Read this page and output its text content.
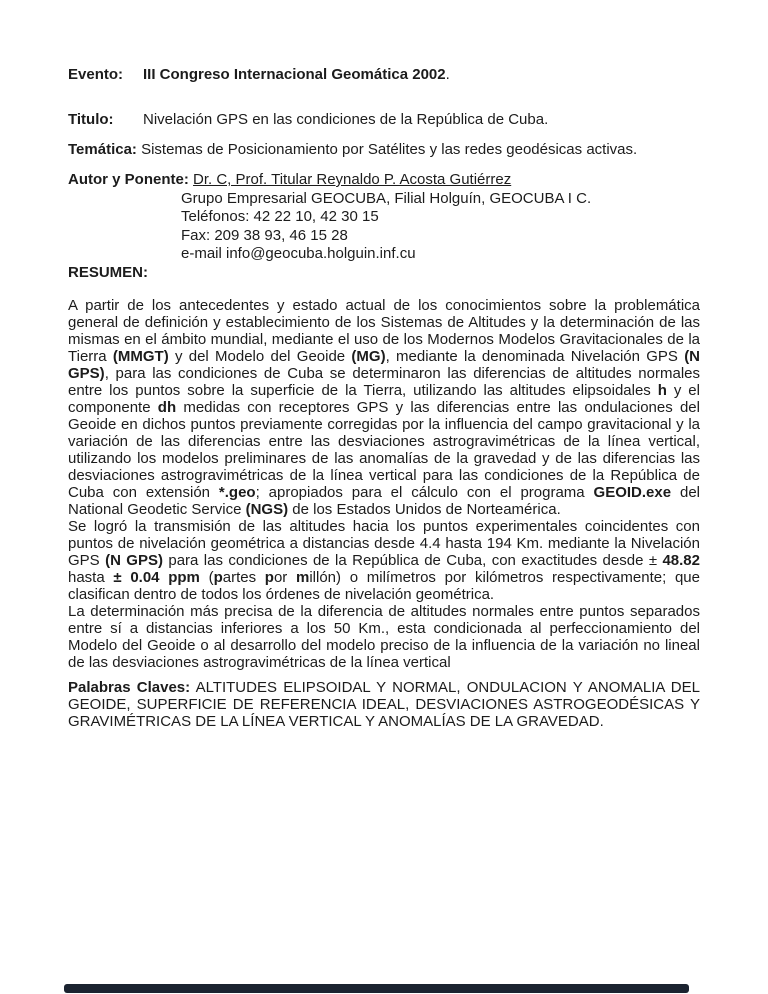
Evento: III Congreso Internacional Geomática 2002.
Titulo: Nivelación GPS en las condiciones de la República de Cuba.
Temática: Sistemas de Posicionamiento por Satélites y las redes geodésicas activas.
Autor y Ponente: Dr. C, Prof. Titular Reynaldo P. Acosta Gutiérrez
Grupo Empresarial GEOCUBA, Filial Holguín, GEOCUBA I C.
Teléfonos: 42 22 10, 42 30 15
Fax: 209 38 93, 46 15 28
e-mail info@geocuba.holguin.inf.cu

RESUMEN:

A partir de los antecedentes y estado actual de los conocimientos sobre la problemática general de definición y establecimiento de los Sistemas de Altitudes y la determinación de las mismas en el ámbito mundial, mediante el uso de los Modernos Modelos Gravitacionales de la Tierra (MMGT) y del Modelo del Geoide (MG), mediante la denominada Nivelación GPS (N GPS), para las condiciones de Cuba se determinaron las diferencias de altitudes normales entre los puntos sobre la superficie de la Tierra, utilizando las altitudes elipsoidales h y el componente dh medidas con receptores GPS y las diferencias entre las ondulaciones del Geoide en dichos puntos previamente corregidas por la influencia del campo gravitacional y la variación de las diferencias entre las desviaciones astrogravimétricas de la línea vertical, utilizando los modelos preliminares de las anomalías de la gravedad y de las diferencias las desviaciones astrogravimétricas de la línea vertical para las condiciones de la República de Cuba con extensión *.geo; apropiados para el cálculo con el programa GEOID.exe del National Geodetic Service (NGS) de los Estados Unidos de Norteamérica.

Se logró la transmisión de las altitudes hacia los puntos experimentales coincidentes con puntos de nivelación geométrica a distancias desde 4.4 hasta 194 Km. mediante la Nivelación GPS (N GPS) para las condiciones de la República de Cuba, con exactitudes desde ± 48.82 hasta ± 0.04 ppm (partes por millón) o milímetros por kilómetros respectivamente; que clasifican dentro de todos los órdenes de nivelación geométrica.

La determinación más precisa de la diferencia de altitudes normales entre puntos separados entre sí a distancias inferiores a los 50 Km., esta condicionada al perfeccionamiento del Modelo del Geoide o al desarrollo del modelo preciso de la influencia de la variación no lineal de las desviaciones astrogravimétricas de la línea vertical

Palabras Claves: ALTITUDES ELIPSOIDAL Y NORMAL, ONDULACION Y ANOMALIA DEL GEOIDE, SUPERFICIE DE REFERENCIA IDEAL, DESVIACIONES ASTROGEODÉSICAS Y GRAVIMÉTRICAS DE LA LÍNEA VERTICAL Y ANOMALÍAS DE LA GRAVEDAD.
